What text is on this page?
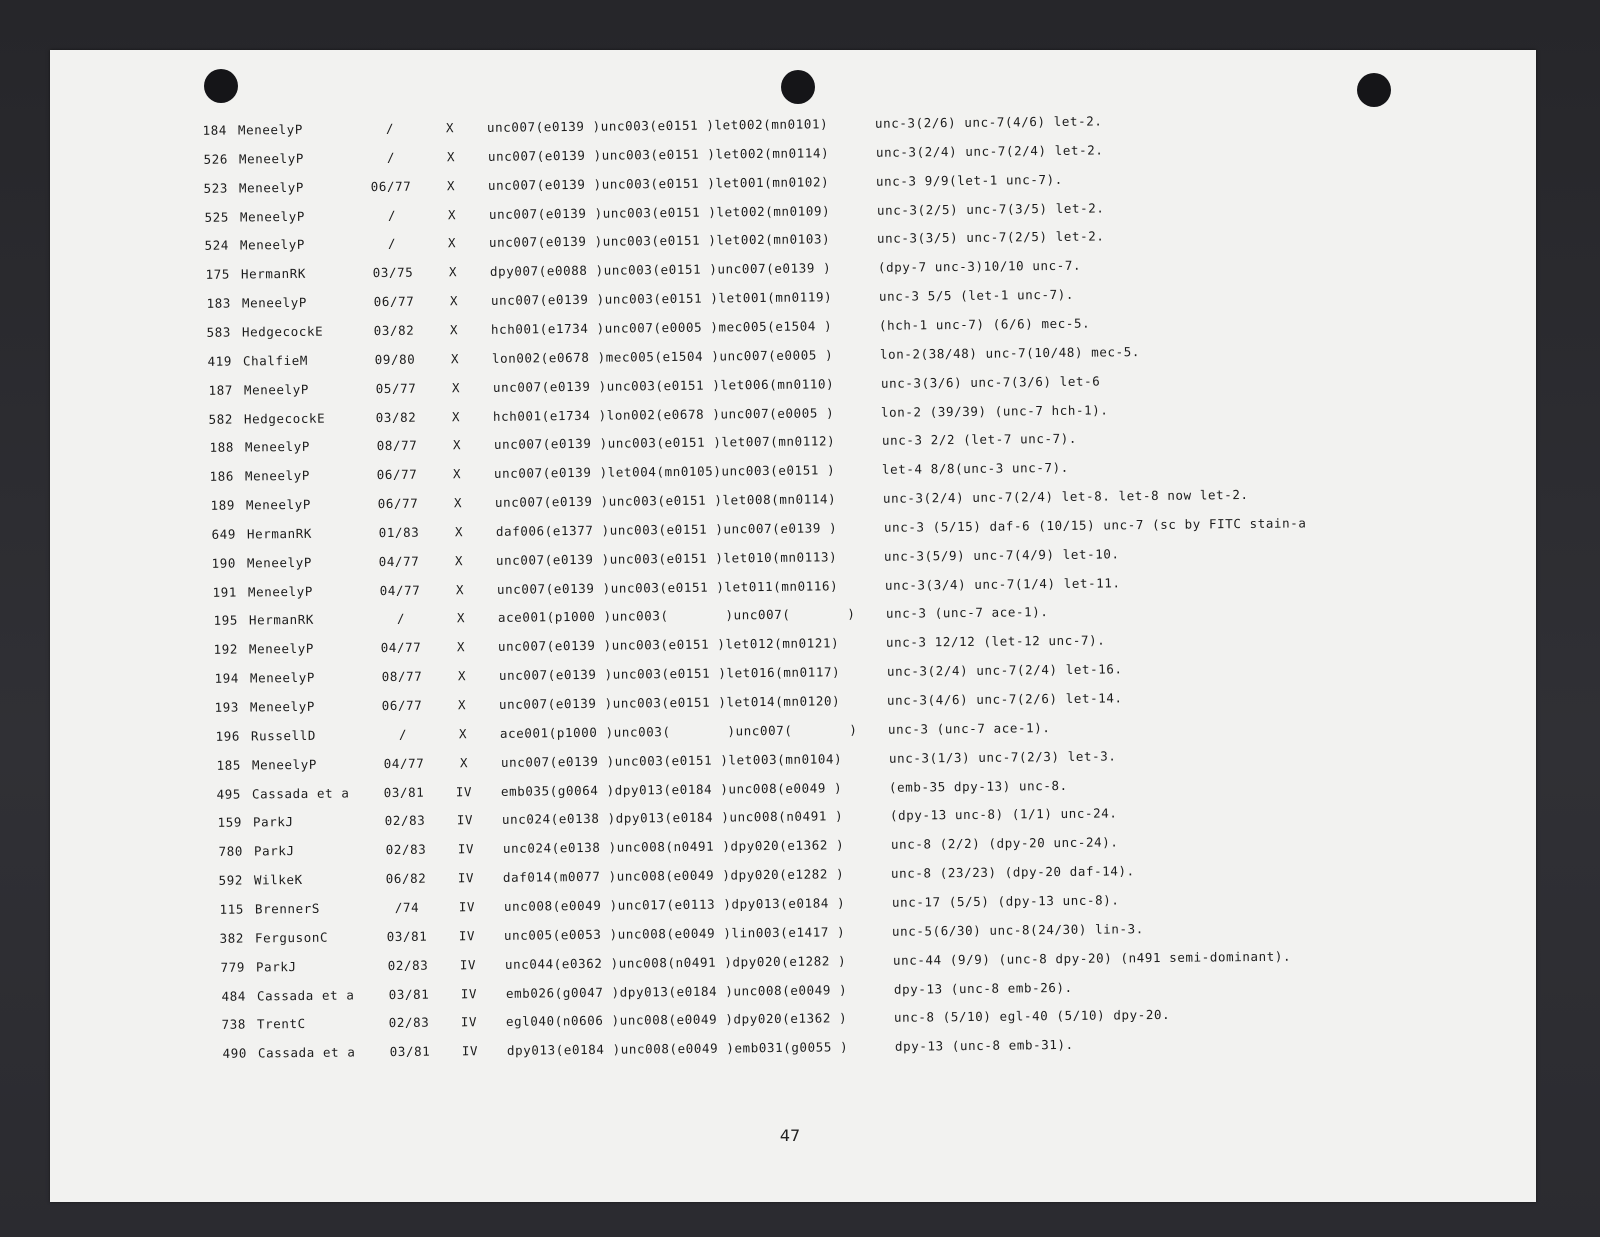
184 MeneelyP	/	X	unc007(e0139 )unc003(e0151 )let002(mn0101)	unc-3(2/6) unc-7(4/6) let-2.
526 MeneelyP	/	X	unc007(e0139 )unc003(e0151 )let002(mn0114)	unc-3(2/4) unc-7(2/4) let-2.
523 MeneelyP	06/77	X	unc007(e0139 )unc003(e0151 )let001(mn0102)	unc-3 9/9(let-1 unc-7).
525 MeneelyP	/	X	unc007(e0139 )unc003(e0151 )let002(mn0109)	unc-3(2/5) unc-7(3/5) let-2.
524 MeneelyP	/	X	unc007(e0139 )unc003(e0151 )let002(mn0103)	unc-3(3/5) unc-7(2/5) let-2.
175 HermanRK	03/75	X	dpy007(e0088 )unc003(e0151 )unc007(e0139 )	(dpy-7 unc-3)10/10 unc-7.
183 MeneelyP	06/77	X	unc007(e0139 )unc003(e0151 )let001(mn0119)	unc-3 5/5 (let-1 unc-7).
583 HedgecockE	03/82	X	hch001(e1734 )unc007(e0005 )mec005(e1504 )	(hch-1 unc-7) (6/6) mec-5.
419 ChalfieM	09/80	X	lon002(e0678 )mec005(e1504 )unc007(e0005 )	lon-2(38/48) unc-7(10/48) mec-5.
187 MeneelyP	05/77	X	unc007(e0139 )unc003(e0151 )let006(mn0110)	unc-3(3/6) unc-7(3/6) let-6
582 HedgecockE	03/82	X	hch001(e1734 )lon002(e0678 )unc007(e0005 )	lon-2 (39/39) (unc-7 hch-1).
188 MeneelyP	08/77	X	unc007(e0139 )unc003(e0151 )let007(mn0112)	unc-3 2/2 (let-7 unc-7).
186 MeneelyP	06/77	X	unc007(e0139 )let004(mn0105)unc003(e0151 )	let-4 8/8(unc-3 unc-7).
189 MeneelyP	06/77	X	unc007(e0139 )unc003(e0151 )let008(mn0114)	unc-3(2/4) unc-7(2/4) let-8. let-8 now let-2.
649 HermanRK	01/83	X	daf006(e1377 )unc003(e0151 )unc007(e0139 )	unc-3 (5/15) daf-6 (10/15) unc-7 (sc by FITC stain-a
190 MeneelyP	04/77	X	unc007(e0139 )unc003(e0151 )let010(mn0113)	unc-3(5/9) unc-7(4/9) let-10.
191 MeneelyP	04/77	X	unc007(e0139 )unc003(e0151 )let011(mn0116)	unc-3(3/4) unc-7(1/4) let-11.
195 HermanRK	/	X	ace001(p1000 )unc003(       )unc007(       ) unc-3 (unc-7 ace-1).
192 MeneelyP	04/77	X	unc007(e0139 )unc003(e0151 )let012(mn0121)	unc-3 12/12 (let-12 unc-7).
194 MeneelyP	08/77	X	unc007(e0139 )unc003(e0151 )let016(mn0117)	unc-3(2/4) unc-7(2/4) let-16.
193 MeneelyP	06/77	X	unc007(e0139 )unc003(e0151 )let014(mn0120)	unc-3(4/6) unc-7(2/6) let-14.
196 RussellD	/	X	ace001(p1000 )unc003(       )unc007(       ) unc-3 (unc-7 ace-1).
185 MeneelyP	04/77	X	unc007(e0139 )unc003(e0151 )let003(mn0104)	unc-3(1/3) unc-7(2/3) let-3.
495 Cassada et a	03/81	IV	emb035(g0064 )dpy013(e0184 )unc008(e0049 )	(emb-35 dpy-13) unc-8.
159 ParkJ	02/83	IV	unc024(e0138 )dpy013(e0184 )unc008(n0491 )	(dpy-13 unc-8) (1/1) unc-24.
780 ParkJ	02/83	IV	unc024(e0138 )unc008(n0491 )dpy020(e1362 )	unc-8 (2/2) (dpy-20 unc-24).
592 WilkeK	06/82	IV	daf014(m0077 )unc008(e0049 )dpy020(e1282 )	unc-8 (23/23) (dpy-20 daf-14).
115 BrennerS	/74	IV	unc008(e0049 )unc017(e0113 )dpy013(e0184 )	unc-17 (5/5) (dpy-13 unc-8).
382 FergusonC	03/81	IV	unc005(e0053 )unc008(e0049 )lin003(e1417 )	unc-5(6/30) unc-8(24/30) lin-3.
779 ParkJ	02/83	IV	unc044(e0362 )unc008(n0491 )dpy020(e1282 )	unc-44 (9/9) (unc-8 dpy-20) (n491 semi-dominant).
484 Cassada et a	03/81	IV	emb026(g0047 )dpy013(e0184 )unc008(e0049 )	dpy-13 (unc-8 emb-26).
738 TrentC	02/83	IV	egl040(n0606 )unc008(e0049 )dpy020(e1362 )	unc-8 (5/10) egl-40 (5/10) dpy-20.
490 Cassada et a	03/81	IV	dpy013(e0184 )unc008(e0049 )emb031(g0055 )	dpy-13 (unc-8 emb-31).
47
